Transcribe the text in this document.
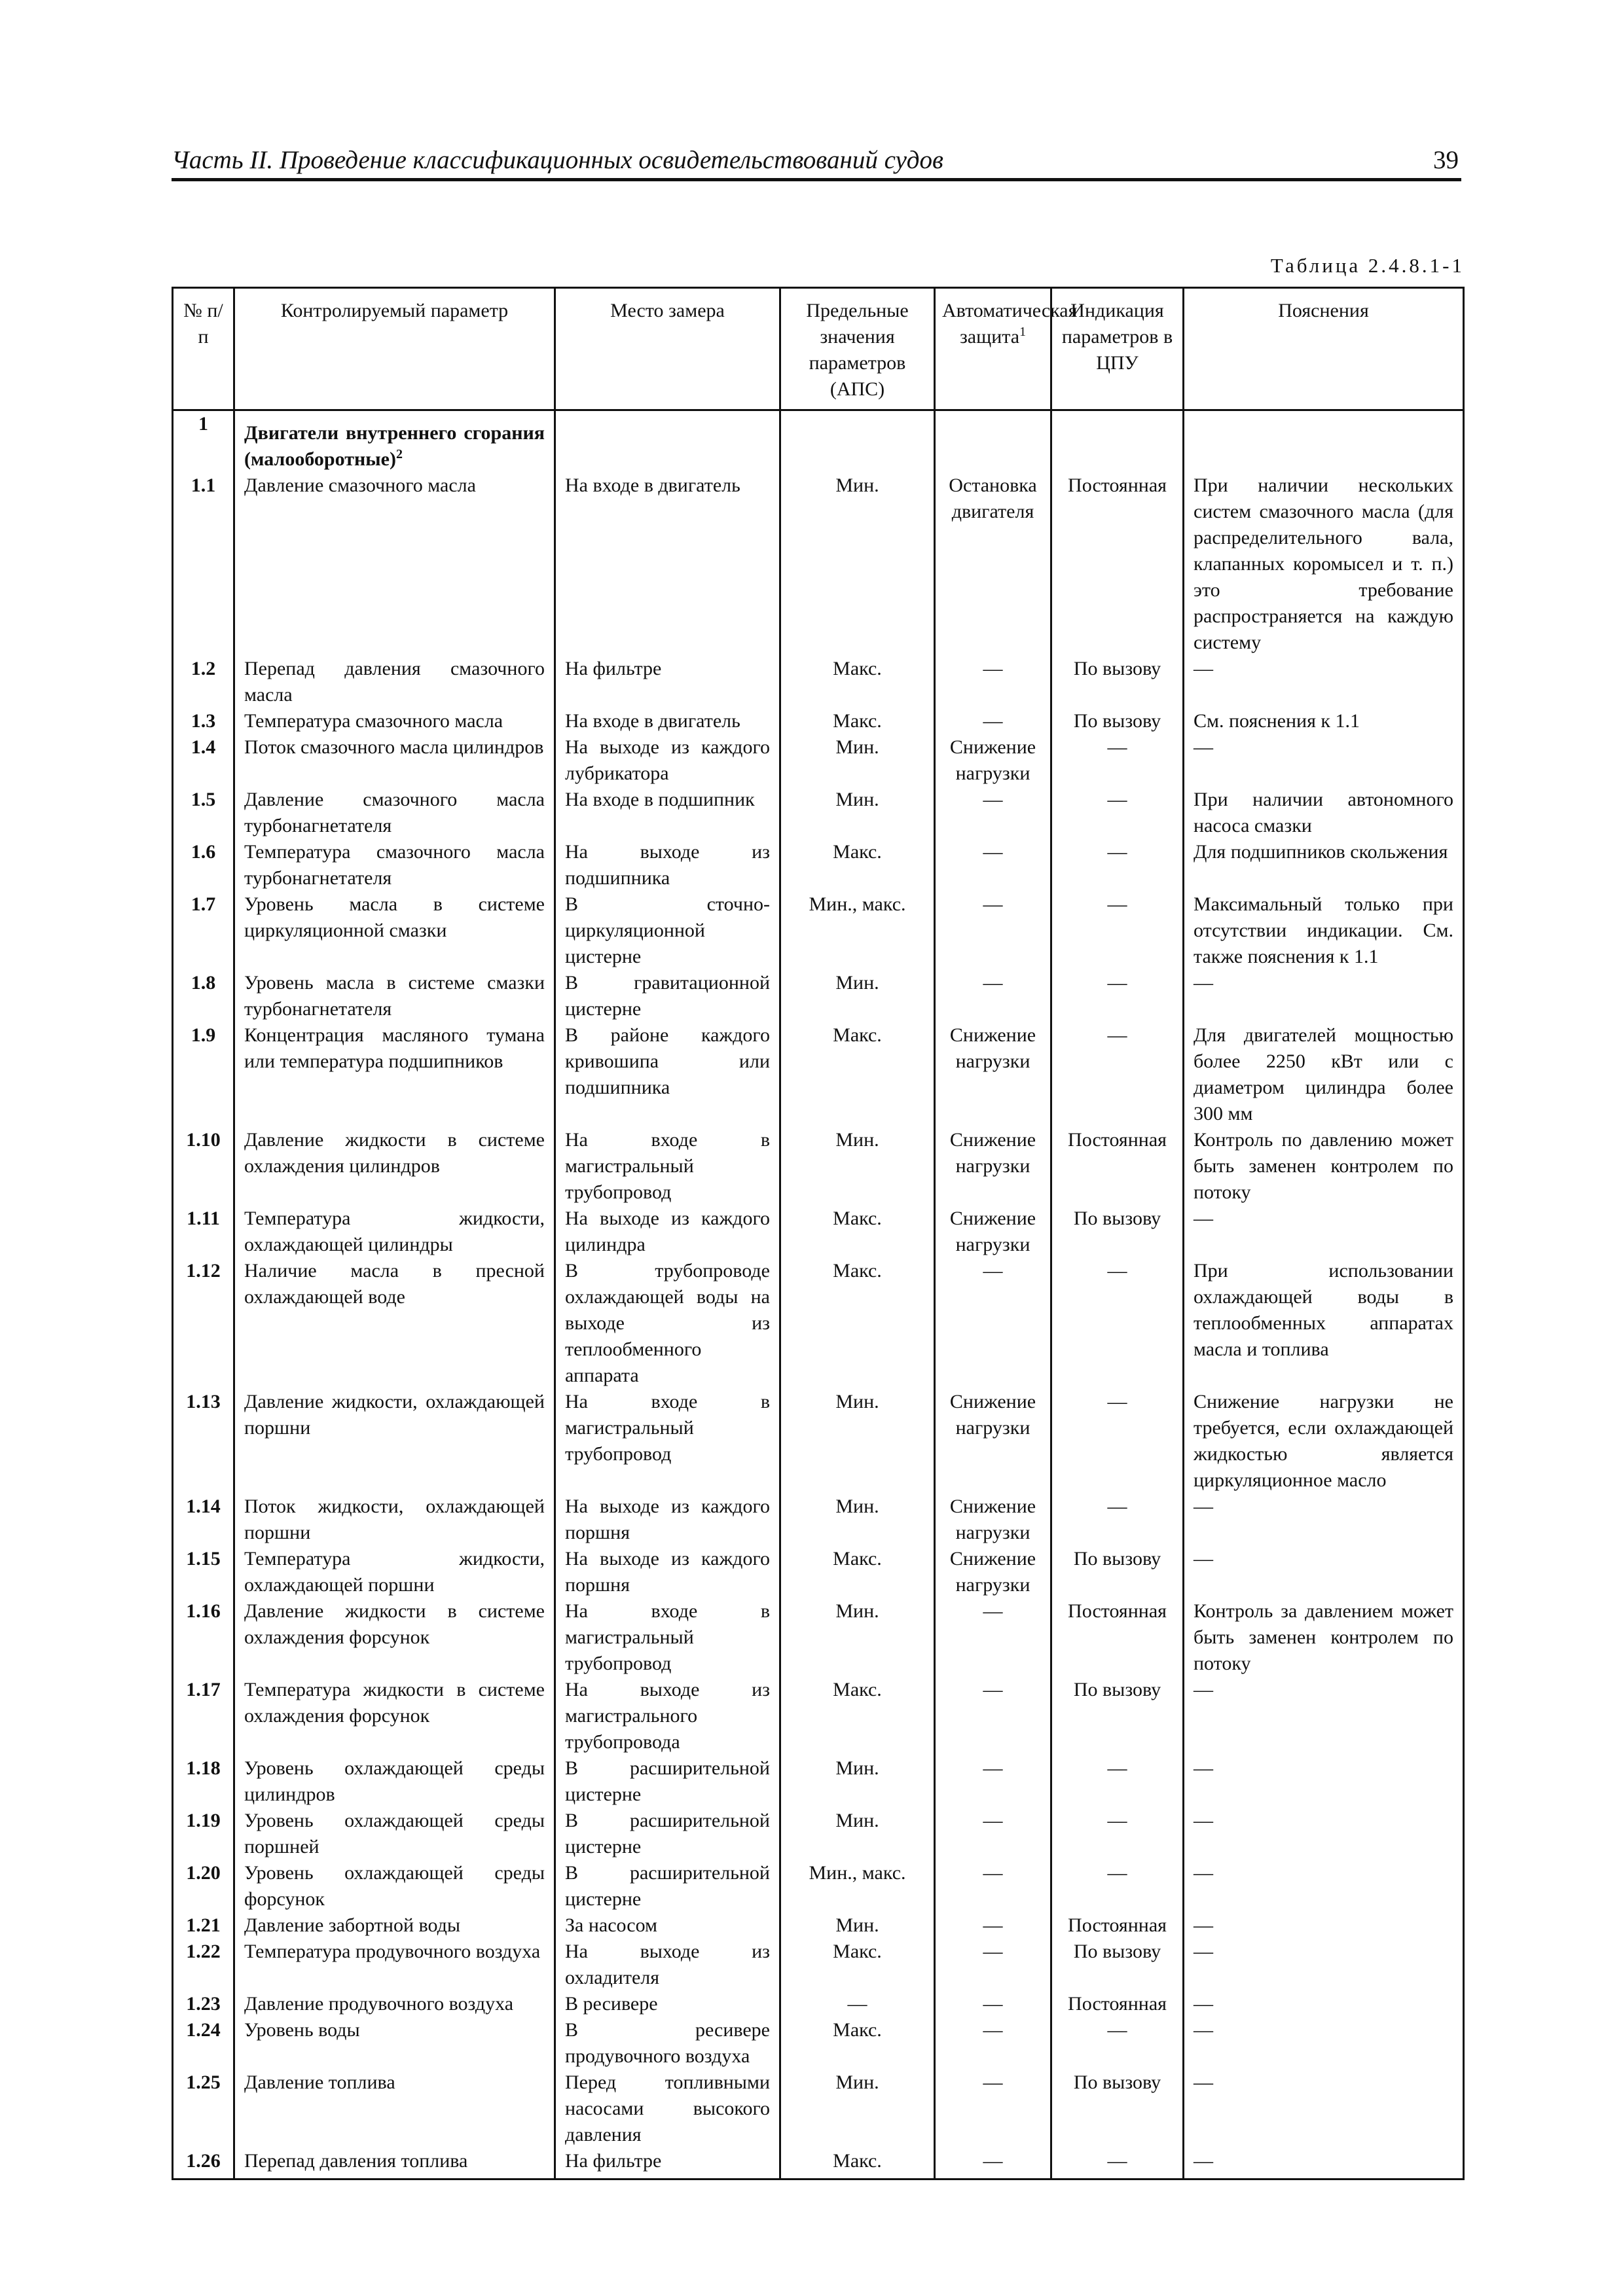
Часть II. Проведение классификационных освидетельствований судов	39
Таблица 2.4.8.1-1
№ п/п	Контролируемый параметр	Место замера	Предельные значения параметров (АПС)	Автоматическая защита$^1$	Индикация параметров в ЦПУ	Пояснения
1	Двигатели внутреннего сгорания (малооборотные)$^2$					
1.1	Давление смазочного масла	На входе в двигатель	Мин.	Остановка двигателя	Постоянная	При наличии нескольких систем смазочного масла (для распределительного вала, клапанных коромысел и т. п.) это требование распространяется на каждую систему
1.2	Перепад давления смазочного масла	На фильтре	Макс.	—	По вызову	—
1.3	Температура смазочного масла	На входе в двигатель	Макс.	—	По вызову	См. пояснения к 1.1
1.4	Поток смазочного масла цилиндров	На выходе из каждого лубрикатора	Мин.	Снижение нагрузки	—	—
1.5	Давление смазочного масла турбонагнетателя	На входе в подшипник	Мин.	—	—	При наличии автономного насоса смазки
1.6	Температура смазочного масла турбонагнетателя	На выходе из подшипника	Макс.	—	—	Для подшипников скольжения
1.7	Уровень масла в системе циркуляционной смазки	В сточно-циркуляционной цистерне	Мин., макс.	—	—	Максимальный только при отсутствии индикации. См. также пояснения к 1.1
1.8	Уровень масла в системе смазки турбонагнетателя	В гравитационной цистерне	Мин.	—	—	—
1.9	Концентрация масляного тумана или температура подшипников	В районе каждого кривошипа или подшипника	Макс.	Снижение нагрузки	—	Для двигателей мощностью более 2250 кВт или с диаметром цилиндра более 300 мм
1.10	Давление жидкости в системе охлаждения цилиндров	На входе в магистральный трубопровод	Мин.	Снижение нагрузки	Постоянная	Контроль по давлению может быть заменен контролем по потоку
1.11	Температура жидкости, охлаждающей цилиндры	На выходе из каждого цилиндра	Макс.	Снижение нагрузки	По вызову	—
1.12	Наличие масла в пресной охлаждающей воде	В трубопроводе охлаждающей воды на выходе из теплообменного аппарата	Макс.	—	—	При использовании охлаждающей воды в теплообменных аппаратах масла и топлива
1.13	Давление жидкости, охлаждающей поршни	На входе в магистральный трубопровод	Мин.	Снижение нагрузки	—	Снижение нагрузки не требуется, если охлаждающей жидкостью является циркуляционное масло
1.14	Поток жидкости, охлаждающей поршни	На выходе из каждого поршня	Мин.	Снижение нагрузки	—	—
1.15	Температура жидкости, охлаждающей поршни	На выходе из каждого поршня	Макс.	Снижение нагрузки	По вызову	—
1.16	Давление жидкости в системе охлаждения форсунок	На входе в магистральный трубопровод	Мин.	—	Постоянная	Контроль за давлением может быть заменен контролем по потоку
1.17	Температура жидкости в системе охлаждения форсунок	На выходе из магистрального трубопровода	Макс.	—	По вызову	—
1.18	Уровень охлаждающей среды цилиндров	В расширительной цистерне	Мин.	—	—	—
1.19	Уровень охлаждающей среды поршней	В расширительной цистерне	Мин.	—	—	—
1.20	Уровень охлаждающей среды форсунок	В расширительной цистерне	Мин., макс.	—	—	—
1.21	Давление забортной воды	За насосом	Мин.	—	Постоянная	—
1.22	Температура продувочного воздуха	На выходе из охладителя	Макс.	—	По вызову	—
1.23	Давление продувочного воздуха	В ресивере	—	—	Постоянная	—
1.24	Уровень воды	В ресивере продувочного воздуха	Макс.	—	—	—
1.25	Давление топлива	Перед топливными насосами высокого давления	Мин.	—	По вызову	—
1.26	Перепад давления топлива	На фильтре	Макс.	—	—	—
